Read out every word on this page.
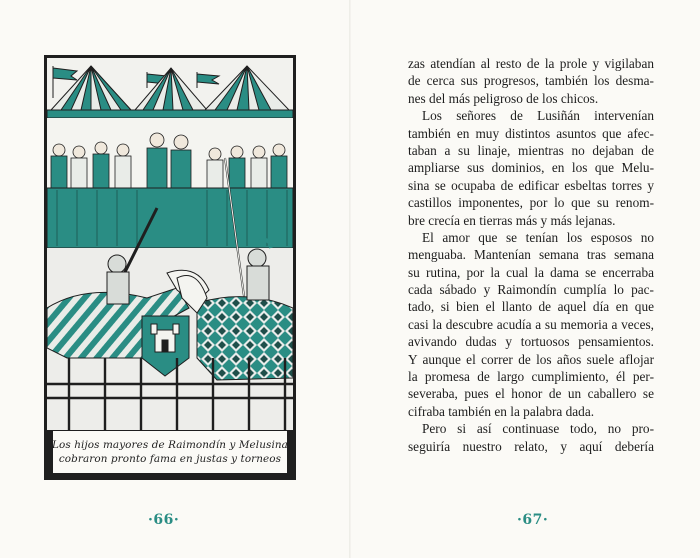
Los hijos mayores de Raimondín y Melusina
cobraron pronto fama en justas y torneos
·66·
zas atendían al resto de la prole y vigilaban
de cerca sus progresos, también los desma-
nes del más peligroso de los chicos.
Los señores de Lusiñán intervenían
también en muy distintos asuntos que afec-
taban a su linaje, mientras no dejaban de
ampliarse sus dominios, en los que Melu-
sina se ocupaba de edificar esbeltas torres y
castillos imponentes, por lo que su renom-
bre crecía en tierras más y más lejanas.
El amor que se tenían los esposos no
menguaba. Mantenían semana tras semana
su rutina, por la cual la dama se encerraba
cada sábado y Raimondín cumplía lo pac-
tado, si bien el llanto de aquel día en que
casi la descubre acudía a su memoria a veces,
avivando dudas y tortuosos pensamientos.
Y aunque el correr de los años suele aflojar
la promesa de largo cumplimiento, él per-
severaba, pues el honor de un caballero se
cifraba también en la palabra dada.
Pero si así continuase todo, no pro-
seguiría nuestro relato, y aquí debería
·67·
